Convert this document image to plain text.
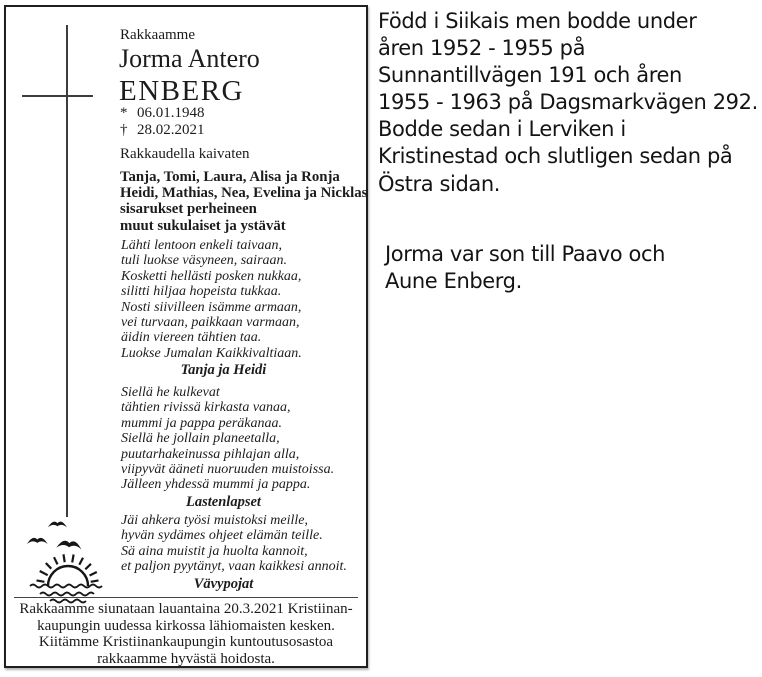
Rakkaamme
Jorma Antero
ENBERG
* 06.01.1948
† 28.02.2021
Rakkaudella kaivaten
Tanja, Tomi, Laura, Alisa ja Ronja
Heidi, Mathias, Nea, Evelina ja Nicklas
sisarukset perheineen
muut sukulaiset ja ystävät
Lähti lentoon enkeli taivaan,
tuli luokse väsyneen, sairaan.
Kosketti hellästi posken nukkaa,
silitti hiljaa hopeista tukkaa.
Nosti siivilleen isämme armaan,
vei turvaan, paikkaan varmaan,
äidin viereen tähtien taa.
Luokse Jumalan Kaikkivaltiaan.
Tanja ja Heidi
Siellä he kulkevat
tähtien rivissä kirkasta vanaa,
mummi ja pappa peräkanaa.
Siellä he jollain planeetalla,
puutarhakeinussa pihlajan alla,
viipyvät ääneti nuoruuden muistoissa.
Jälleen yhdessä mummi ja pappa.
Lastenlapset
Jäi ahkera työsi muistoksi meille,
hyvän sydämes ohjeet elämän teille.
Sä aina muistit ja huolta kannoit,
et paljon pyytänyt, vaan kaikkesi annoit.
Vävypojat
Rakkaamme siunataan lauantaina 20.3.2021 Kristiinan-
kaupungin uudessa kirkossa lähiomaisten kesken.
Kiitämme Kristiinankaupungin kuntoutusosastoa
rakkaamme hyvästä hoidosta.
Född i Siikais men bodde under
åren 1952 - 1955 på
Sunnantillvägen 191 och åren
1955 - 1963 på Dagsmarkvägen 292.
Bodde sedan i Lerviken i
Kristinestad och slutligen sedan på
Östra sidan.
Jorma var son till Paavo och
Aune Enberg.
